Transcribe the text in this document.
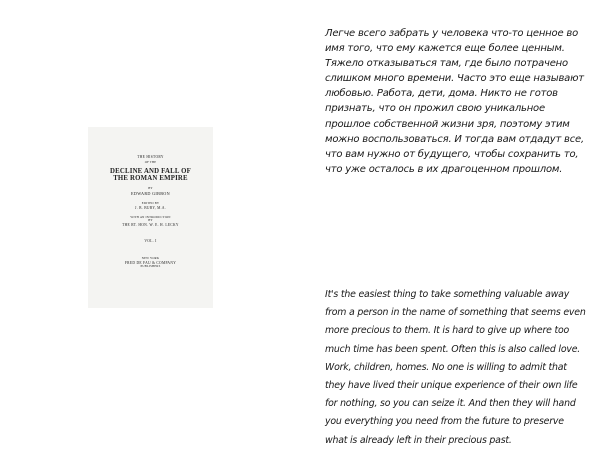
THE HISTORY
OF THE
DECLINE AND FALL OF
THE ROMAN EMPIRE
BY
EDWARD GIBBON
EDITED BY
J. B. BURY, M.A.
WITH AN INTRODUCTION
BY
THE RT. HON. W. E. H. LECKY
VOL. I
NEW YORK
FRED DE FAU & COMPANY
PUBLISHERS

Легче всего забрать у человека что-то ценное во имя того, что ему кажется еще более ценным. Тяжело отказываться там, где было потрачено слишком много времени. Часто это еще называют любовью. Работа, дети, дома. Никто не готов признать, что он прожил свою уникальное прошлое собственной жизни зря, поэтому этим можно воспользоваться. И тогда вам отдадут все, что вам нужно от будущего, чтобы сохранить то, что уже осталось в их драгоценном прошлом.

It's the easiest thing to take something valuable away from a person in the name of something that seems even more precious to them. It is hard to give up where too much time has been spent. Often this is also called love. Work, children, homes. No one is willing to admit that they have lived their unique experience of their own life for nothing, so you can seize it. And then they will hand you everything you need from the future to preserve what is already left in their precious past.
